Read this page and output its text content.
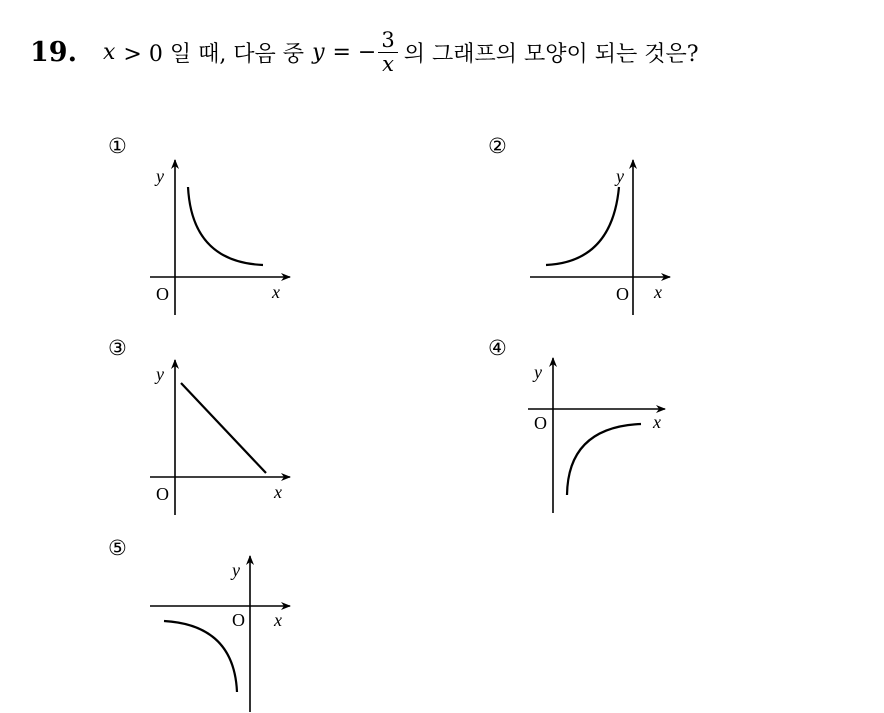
19. x > 0 일 때, 다음 중 y = − $\frac{3}{x}$ 의 그래프의 모양이 되는 것은?
①
y
x
O
②
y
x
O
③
y
x
O
④
y
x
O
⑤
y
x
O
